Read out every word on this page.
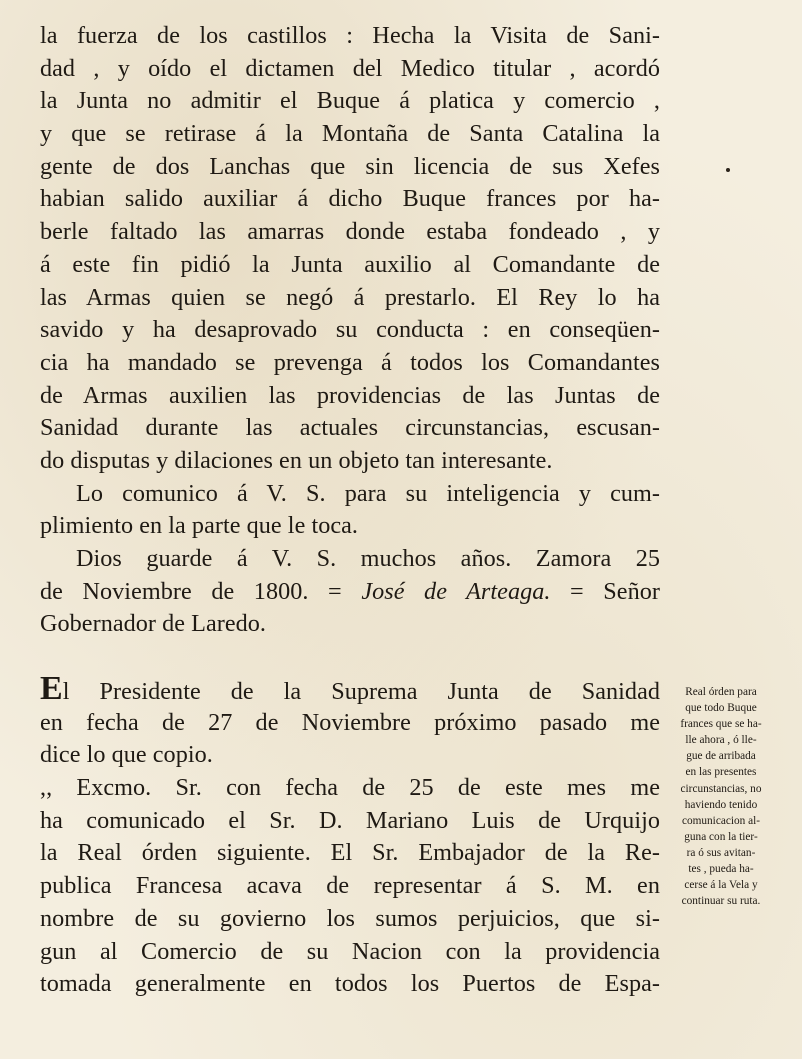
la fuerza de los castillos : Hecha la Visita de Sani-
dad , y oído el dictamen del Medico titular , acordó
la Junta no admitir el Buque á platica y comercio ,
y que se retirase á la Montaña de Santa Catalina la
gente de dos Lanchas que sin licencia de sus Xefes
habian salido auxiliar á dicho Buque frances por ha-
berle faltado las amarras donde estaba fondeado , y
á este fin pidió la Junta auxilio al Comandante de
las Armas quien se negó á prestarlo. El Rey lo ha
savido y ha desaprovado su conducta : en conseqüen-
cia ha mandado se prevenga á todos los Comandantes
de Armas auxilien las providencias de las Juntas de
Sanidad durante las actuales circunstancias, escusan-
do disputas y dilaciones en un objeto tan interesante.
Lo comunico á V. S. para su inteligencia y cum-
plimiento en la parte que le toca.
Dios guarde á V. S. muchos años. Zamora 25
de Noviembre de 1800. = José de Arteaga. = Señor
Gobernador de Laredo.
El Presidente de la Suprema Junta de Sanidad
en fecha de 27 de Noviembre próximo pasado me
dice lo que copio.
,, Excmo. Sr. con fecha de 25 de este mes me
ha comunicado el Sr. D. Mariano Luis de Urquijo
la Real órden siguiente. El Sr. Embajador de la Re-
publica Francesa acava de representar á S. M. en
nombre de su govierno los sumos perjuicios, que si-
gun al Comercio de su Nacion con la providencia
tomada generalmente en todos los Puertos de Espa-
Real órden para
que todo Buque
frances que se ha-
lle ahora , ó lle-
gue de arribada
en las presentes
circunstancias, no
haviendo tenido
comunicacion al-
guna con la tier-
ra ó sus avitan-
tes , pueda ha-
cerse á la Vela y
continuar su ruta.
